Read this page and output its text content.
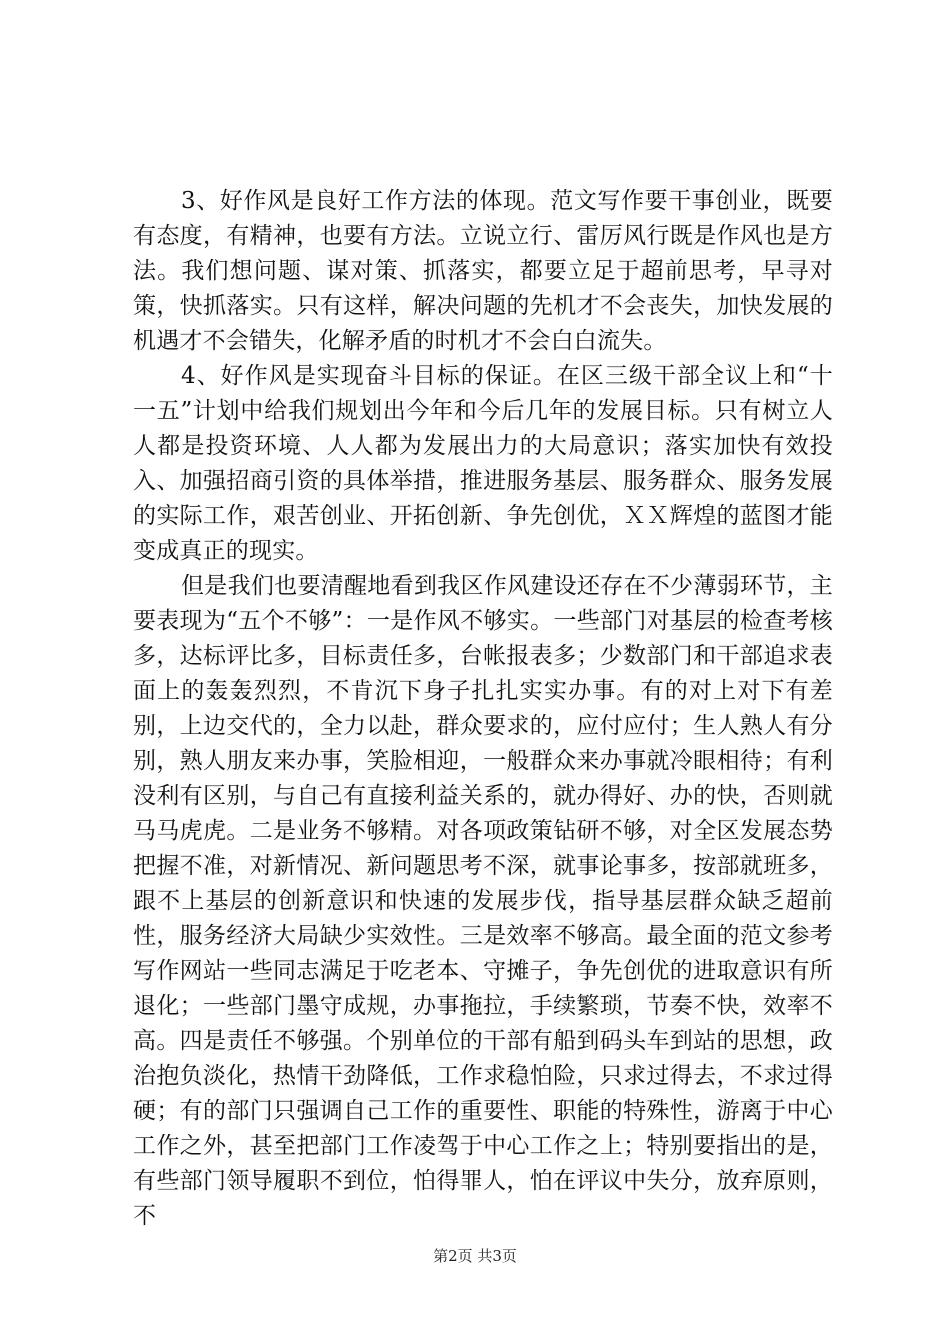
3、好作风是良好工作方法的体现。范文写作要干事创业，既要有态度，有精神，也要有方法。立说立行、雷厉风行既是作风也是方法。我们想问题、谋对策、抓落实，都要立足于超前思考，早寻对策，快抓落实。只有这样，解决问题的先机才不会丧失，加快发展的机遇才不会错失，化解矛盾的时机才不会白白流失。

4、好作风是实现奋斗目标的保证。在区三级干部全议上和“十一五”计划中给我们规划出今年和今后几年的发展目标。只有树立人人都是投资环境、人人都为发展出力的大局意识；落实加快有效投入、加强招商引资的具体举措，推进服务基层、服务群众、服务发展的实际工作，艰苦创业、开拓创新、争先创优，ＸＸ辉煌的蓝图才能变成真正的现实。

但是我们也要清醒地看到我区作风建设还存在不少薄弱环节，主要表现为“五个不够”：一是作风不够实。一些部门对基层的检查考核多，达标评比多，目标责任多，台帐报表多；少数部门和干部追求表面上的轰轰烈烈，不肯沉下身子扎扎实实办事。有的对上对下有差别，上边交代的，全力以赴，群众要求的，应付应付；生人熟人有分别，熟人朋友来办事，笑脸相迎，一般群众来办事就冷眼相待；有利没利有区别，与自己有直接利益关系的，就办得好、办的快，否则就马马虎虎。二是业务不够精。对各项政策钻研不够，对全区发展态势把握不准，对新情况、新问题思考不深，就事论事多，按部就班多，跟不上基层的创新意识和快速的发展步伐，指导基层群众缺乏超前性，服务经济大局缺少实效性。三是效率不够高。最全面的范文参考写作网站一些同志满足于吃老本、守摊子，争先创优的进取意识有所退化；一些部门墨守成规，办事拖拉，手续繁琐，节奏不快，效率不高。四是责任不够强。个别单位的干部有船到码头车到站的思想，政治抱负淡化，热情干劲降低，工作求稳怕险，只求过得去，不求过得硬；有的部门只强调自己工作的重要性、职能的特殊性，游离于中心工作之外，甚至把部门工作凌驾于中心工作之上；特别要指出的是，有些部门领导履职不到位，怕得罪人，怕在评议中失分，放弃原则，不

第2页 共3页
